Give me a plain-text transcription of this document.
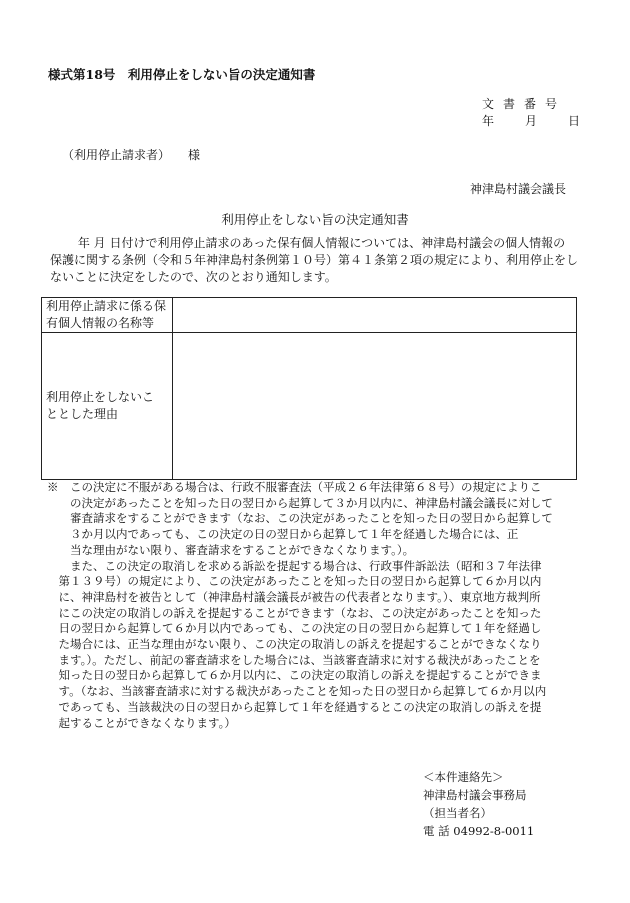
様式第18号　利用停止をしない旨の決定通知書
文書番号
年	月	日
（利用停止請求者） 様
神津島村議会議長
利用停止をしない旨の決定通知書
　　 年 月 日付けで利用停止請求のあった保有個人情報については、神津島村議会の個人情報の
保護に関する条例（令和５年神津島村条例第１０号）第４１条第２項の規定により、利用停止をし
ないことに決定をしたので、次のとおり通知します。
利用停止請求に係る保
有個人情報の名称等	

利用停止をしないこ
ととした理由	

※　この決定に不服がある場合は、行政不服審査法（平成２６年法律第６８号）の規定によりこ
　　の決定があったことを知った日の翌日から起算して３か月以内に、神津島村議会議長に対して
　　審査請求をすることができます（なお、この決定があったことを知った日の翌日から起算して
　　３か月以内であっても、この決定の日の翌日から起算して１年を経過した場合には、正
　　当な理由がない限り、審査請求をすることができなくなります。）。
　　また、この決定の取消しを求める訴訟を提起する場合は、行政事件訴訟法（昭和３７年法律
　第１３９号）の規定により、この決定があったことを知った日の翌日から起算して６か月以内
　に、神津島村を被告として（神津島村議会議長が被告の代表者となります。）、東京地方裁判所
　にこの決定の取消しの訴えを提起することができます（なお、この決定があったことを知った
　日の翌日から起算して６か月以内であっても、この決定の日の翌日から起算して１年を経過し
　た場合には、正当な理由がない限り、この決定の取消しの訴えを提起することができなくなり
　ます。）。ただし、前記の審査請求をした場合には、当該審査請求に対する裁決があったことを
　知った日の翌日から起算して６か月以内に、この決定の取消しの訴えを提起することができま
　す。（なお、当該審査請求に対する裁決があったことを知った日の翌日から起算して６か月以内
　であっても、当該裁決の日の翌日から起算して１年を経過するとこの決定の取消しの訴えを提
　起することができなくなります。）
＜本件連絡先＞
神津島村議会事務局
（担当者名）
電 話 04992-8-0011
